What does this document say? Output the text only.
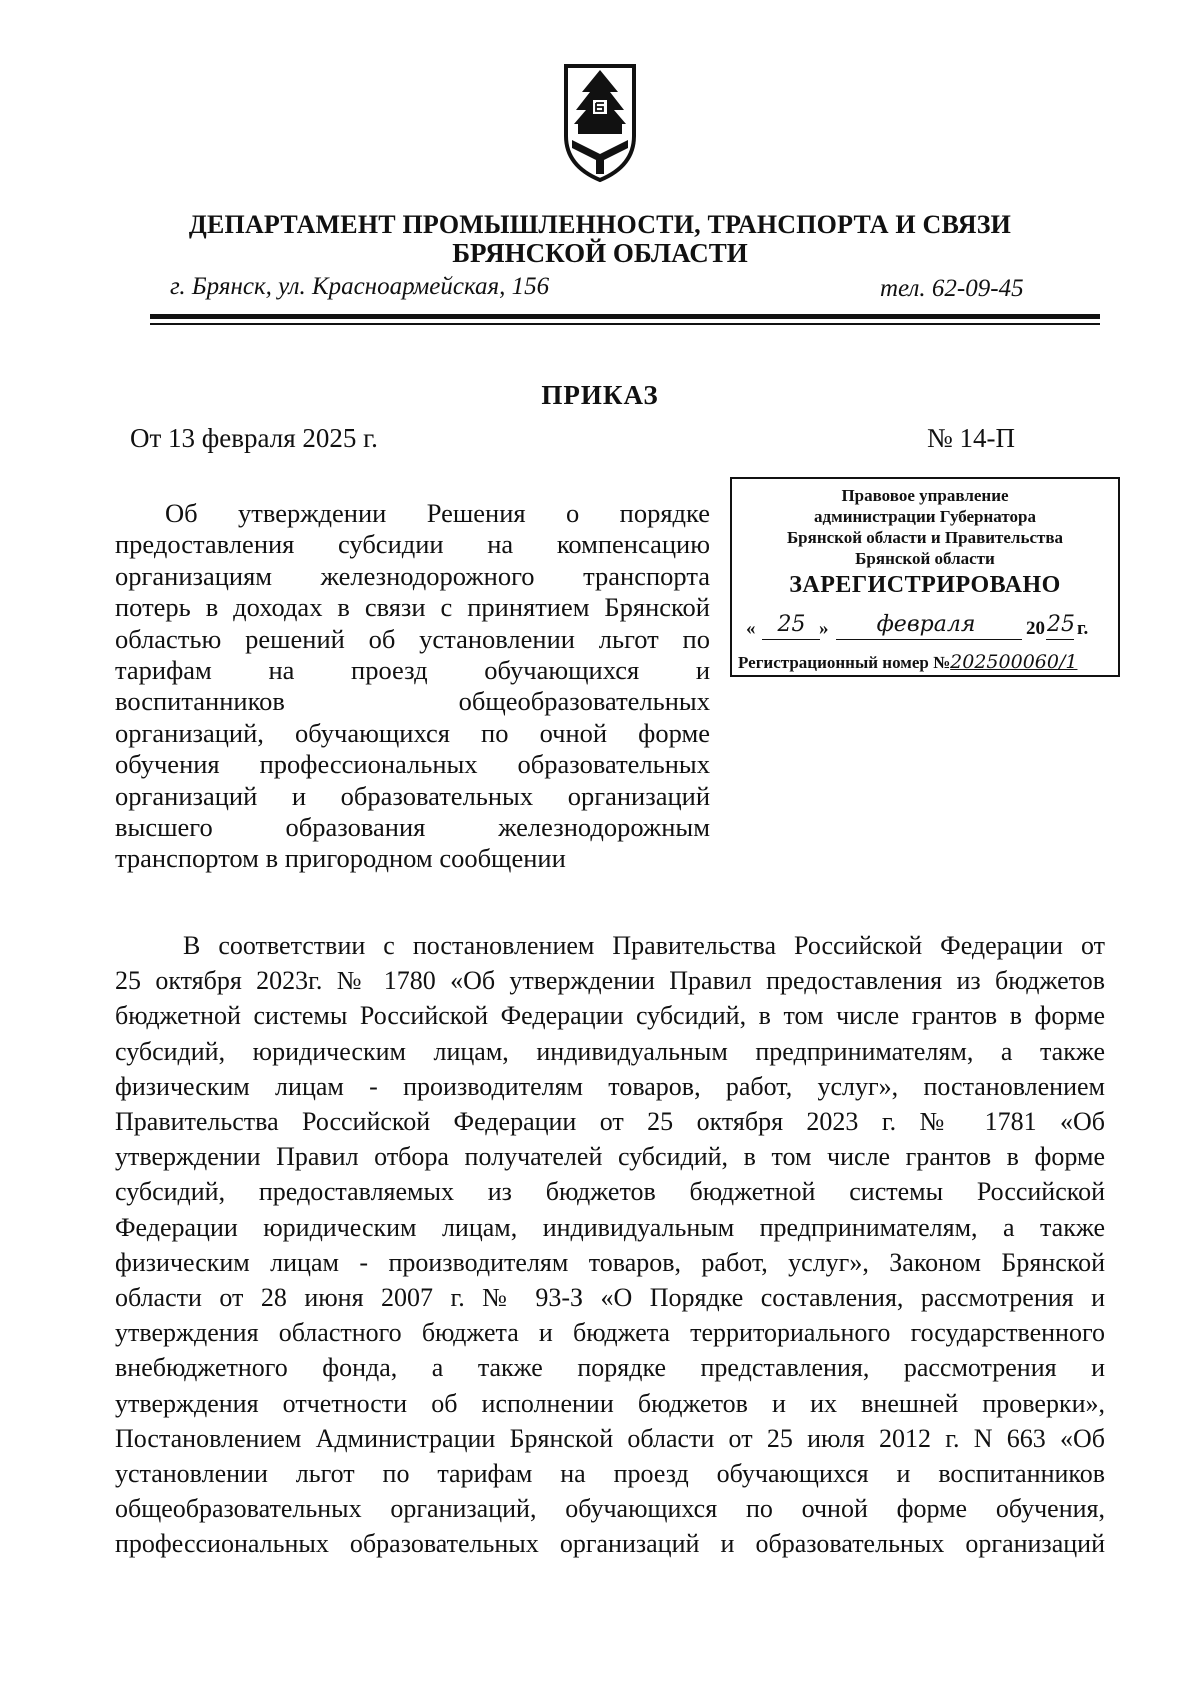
ДЕПАРТАМЕНТ ПРОМЫШЛЕННОСТИ, ТРАНСПОРТА И СВЯЗИ
БРЯНСКОЙ ОБЛАСТИ
г. Брянск, ул. Красноармейская, 156	тел. 62-09-45
ПРИКАЗ
От 13 февраля 2025 г.	№ 14-П
Об утверждении Решения о порядке
предоставления субсидии на компенсацию
организациям железнодорожного транспорта
потерь в доходах в связи с принятием Брянской
областью решений об установлении льгот по
тарифам на проезд обучающихся и
воспитанников общеобразовательных
организаций, обучающихся по очной форме
обучения профессиональных образовательных
организаций и образовательных организаций
высшего образования железнодорожным
транспортом в пригородном сообщении
Правовое управление
администрации Губернатора
Брянской области и Правительства
Брянской области
ЗАРЕГИСТРИРОВАНО
«	25 »	февраля	20 25 г.
Регистрационный номер №202500060/1
В соответствии с постановлением Правительства Российской Федерации от
25 октября 2023г. № 1780 «Об утверждении Правил предоставления из бюджетов
бюджетной системы Российской Федерации субсидий, в том числе грантов в форме
субсидий, юридическим лицам, индивидуальным предпринимателям, а также
физическим лицам - производителям товаров, работ, услуг», постановлением
Правительства Российской Федерации от 25 октября 2023 г. № 1781 «Об
утверждении Правил отбора получателей субсидий, в том числе грантов в форме
субсидий, предоставляемых из бюджетов бюджетной системы Российской
Федерации юридическим лицам, индивидуальным предпринимателям, а также
физическим лицам - производителям товаров, работ, услуг», Законом Брянской
области от 28 июня 2007 г. № 93-З «О Порядке составления, рассмотрения и
утверждения областного бюджета и бюджета территориального государственного
внебюджетного фонда, а также порядке представления, рассмотрения и
утверждения отчетности об исполнении бюджетов и их внешней проверки»,
Постановлением Администрации Брянской области от 25 июля 2012 г. N 663 «Об
установлении льгот по тарифам на проезд обучающихся и воспитанников
общеобразовательных организаций, обучающихся по очной форме обучения,
профессиональных образовательных организаций и образовательных организаций
